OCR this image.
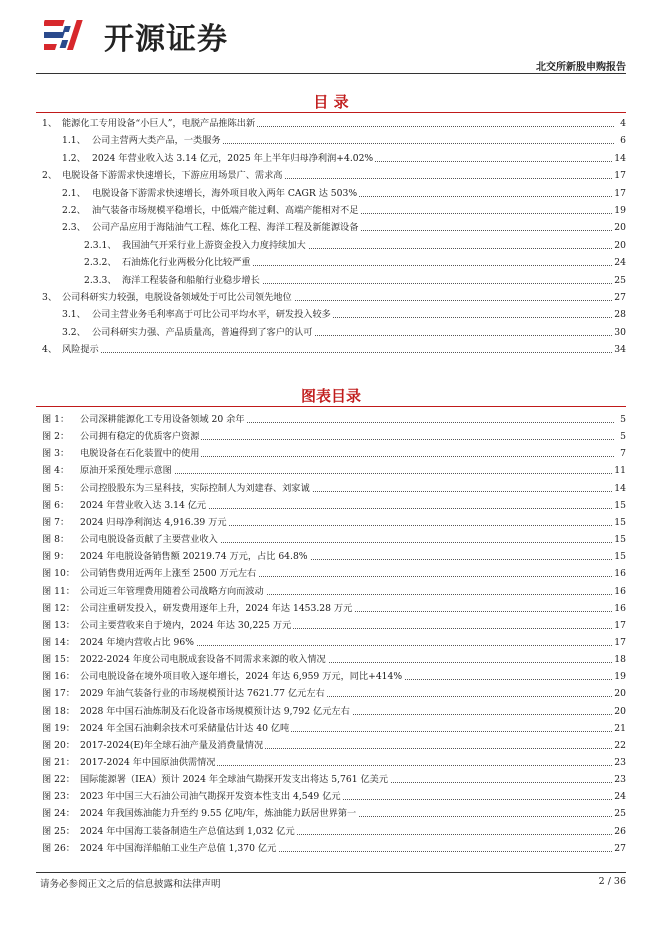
开源证券
北交所新股申购报告
目 录
1、 能源化工专用设备“小巨人”，电脱产品推陈出新	4
1.1、 公司主营两大类产品，一类服务	6
1.2、 2024 年营业收入达 3.14 亿元，2025 年上半年归母净利润+4.02%	14
2、 电脱设备下游需求快速增长，下游应用场景广、需求高	17
2.1、 电脱设备下游需求快速增长，海外项目收入两年 CAGR 达 503%	17
2.2、 油气装备市场规模平稳增长，中低端产能过剩、高端产能相对不足	19
2.3、 公司产品应用于海陆油气工程、炼化工程、海洋工程及新能源设备	20
2.3.1、 我国油气开采行业上游资金投入力度持续加大	20
2.3.2、 石油炼化行业两极分化比较严重	24
2.3.3、 海洋工程装备和船舶行业稳步增长	25
3、 公司科研实力较强，电脱设备领域处于可比公司领先地位	27
3.1、 公司主营业务毛利率高于可比公司平均水平，研发投入较多	28
3.2、 公司科研实力强、产品质量高，普遍得到了客户的认可	30
4、 风险提示	34
图表目录
图 1： 公司深耕能源化工专用设备领域 20 余年	5
图 2： 公司拥有稳定的优质客户资源	5
图 3： 电脱设备在石化装置中的使用	7
图 4： 原油开采预处理示意图	11
图 5： 公司控股股东为三星科技，实际控制人为刘建春、刘家诚	14
图 6： 2024 年营业收入达 3.14 亿元	15
图 7： 2024 归母净利润达 4,916.39 万元	15
图 8： 公司电脱设备贡献了主要营业收入	15
图 9： 2024 年电脱设备销售额 20219.74 万元，占比 64.8%	15
图 10： 公司销售费用近两年上涨至 2500 万元左右	16
图 11： 公司近三年管理费用随着公司战略方向而波动	16
图 12： 公司注重研发投入，研发费用逐年上升，2024 年达 1453.28 万元	16
图 13： 公司主要营收来自于境内，2024 年达 30,225 万元	17
图 14： 2024 年境内营收占比 96%	17
图 15： 2022-2024 年度公司电脱成套设备不同需求来源的收入情况	18
图 16： 公司电脱设备在境外项目收入逐年增长，2024 年达 6,959 万元，同比+414%	19
图 17： 2029 年油气装备行业的市场规模预计达 7621.77 亿元左右	20
图 18： 2028 年中国石油炼制及石化设备市场规模预计达 9,792 亿元左右	20
图 19： 2024 年全国石油剩余技术可采储量估计达 40 亿吨	21
图 20： 2017-2024(E)年全球石油产量及消费量情况	22
图 21： 2017-2024 年中国原油供需情况	23
图 22： 国际能源署（IEA）预计 2024 年全球油气勘探开发支出将达 5,761 亿美元	23
图 23： 2023 年中国三大石油公司油气勘探开发资本性支出 4,549 亿元	24
图 24： 2024 年我国炼油能力升至约 9.55 亿吨/年，炼油能力跃居世界第一	25
图 25： 2024 年中国海工装备制造生产总值达到 1,032 亿元	26
图 26： 2024 年中国海洋船舶工业生产总值 1,370 亿元	27
请务必参阅正文之后的信息披露和法律声明	2 / 36
